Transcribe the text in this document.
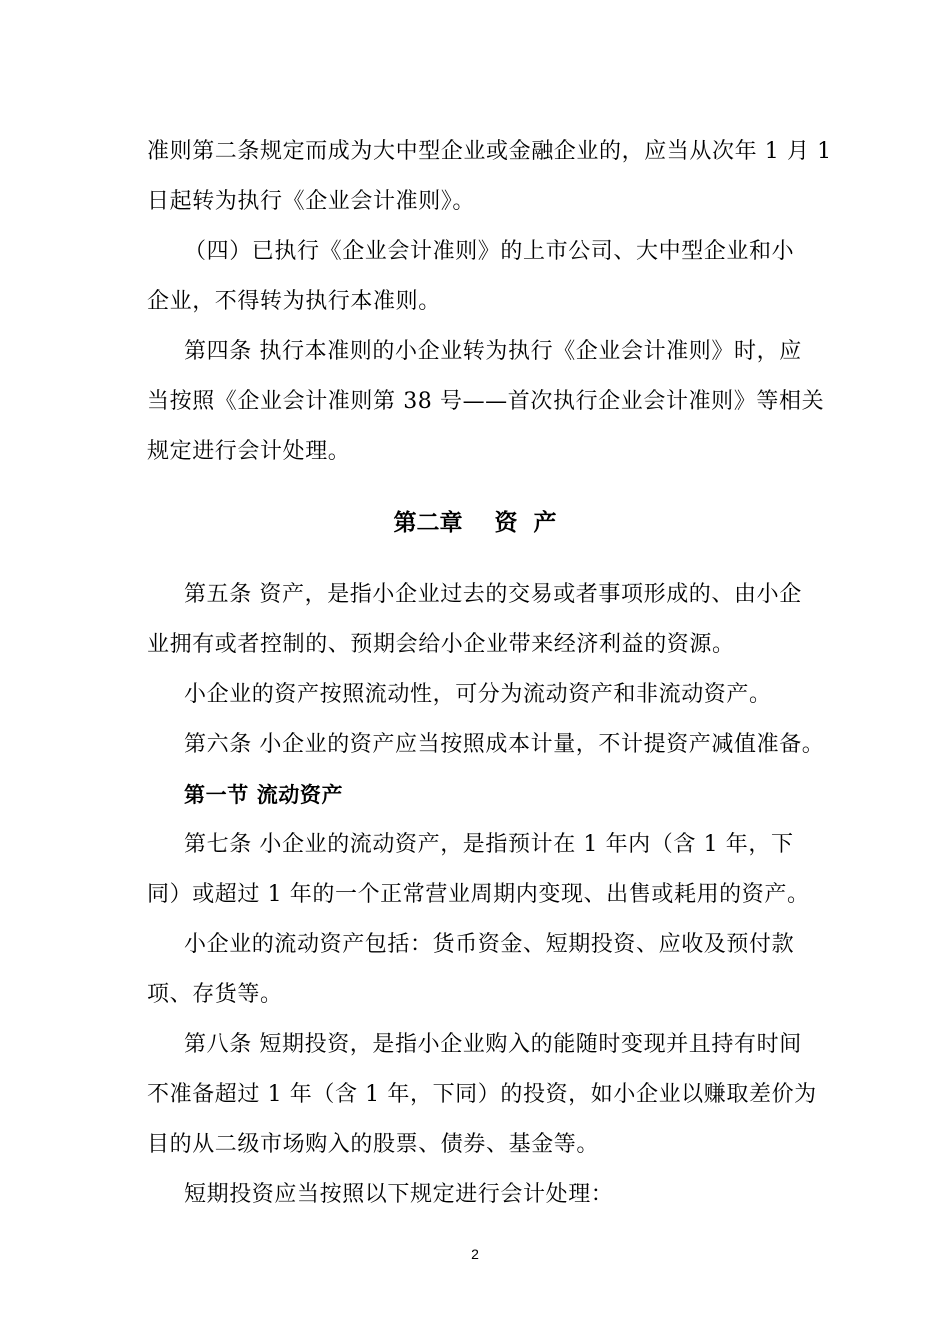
准则第二条规定而成为大中型企业或金融企业的，应当从次年 1 月 1
日起转为执行《企业会计准则》。
（四）已执行《企业会计准则》的上市公司、大中型企业和小
企业，不得转为执行本准则。
第四条 执行本准则的小企业转为执行《企业会计准则》时，应
当按照《企业会计准则第 38 号——首次执行企业会计准则》等相关
规定进行会计处理。
第二章    资  产
第五条 资产，是指小企业过去的交易或者事项形成的、由小企
业拥有或者控制的、预期会给小企业带来经济利益的资源。
小企业的资产按照流动性，可分为流动资产和非流动资产。
第六条 小企业的资产应当按照成本计量，不计提资产减值准备。
第一节 流动资产
第七条 小企业的流动资产，是指预计在 1 年内（含 1 年，下
同）或超过 1 年的一个正常营业周期内变现、出售或耗用的资产。
小企业的流动资产包括：货币资金、短期投资、应收及预付款
项、存货等。
第八条 短期投资，是指小企业购入的能随时变现并且持有时间
不准备超过 1 年（含 1 年，下同）的投资，如小企业以赚取差价为
目的从二级市场购入的股票、债券、基金等。
短期投资应当按照以下规定进行会计处理：
2
